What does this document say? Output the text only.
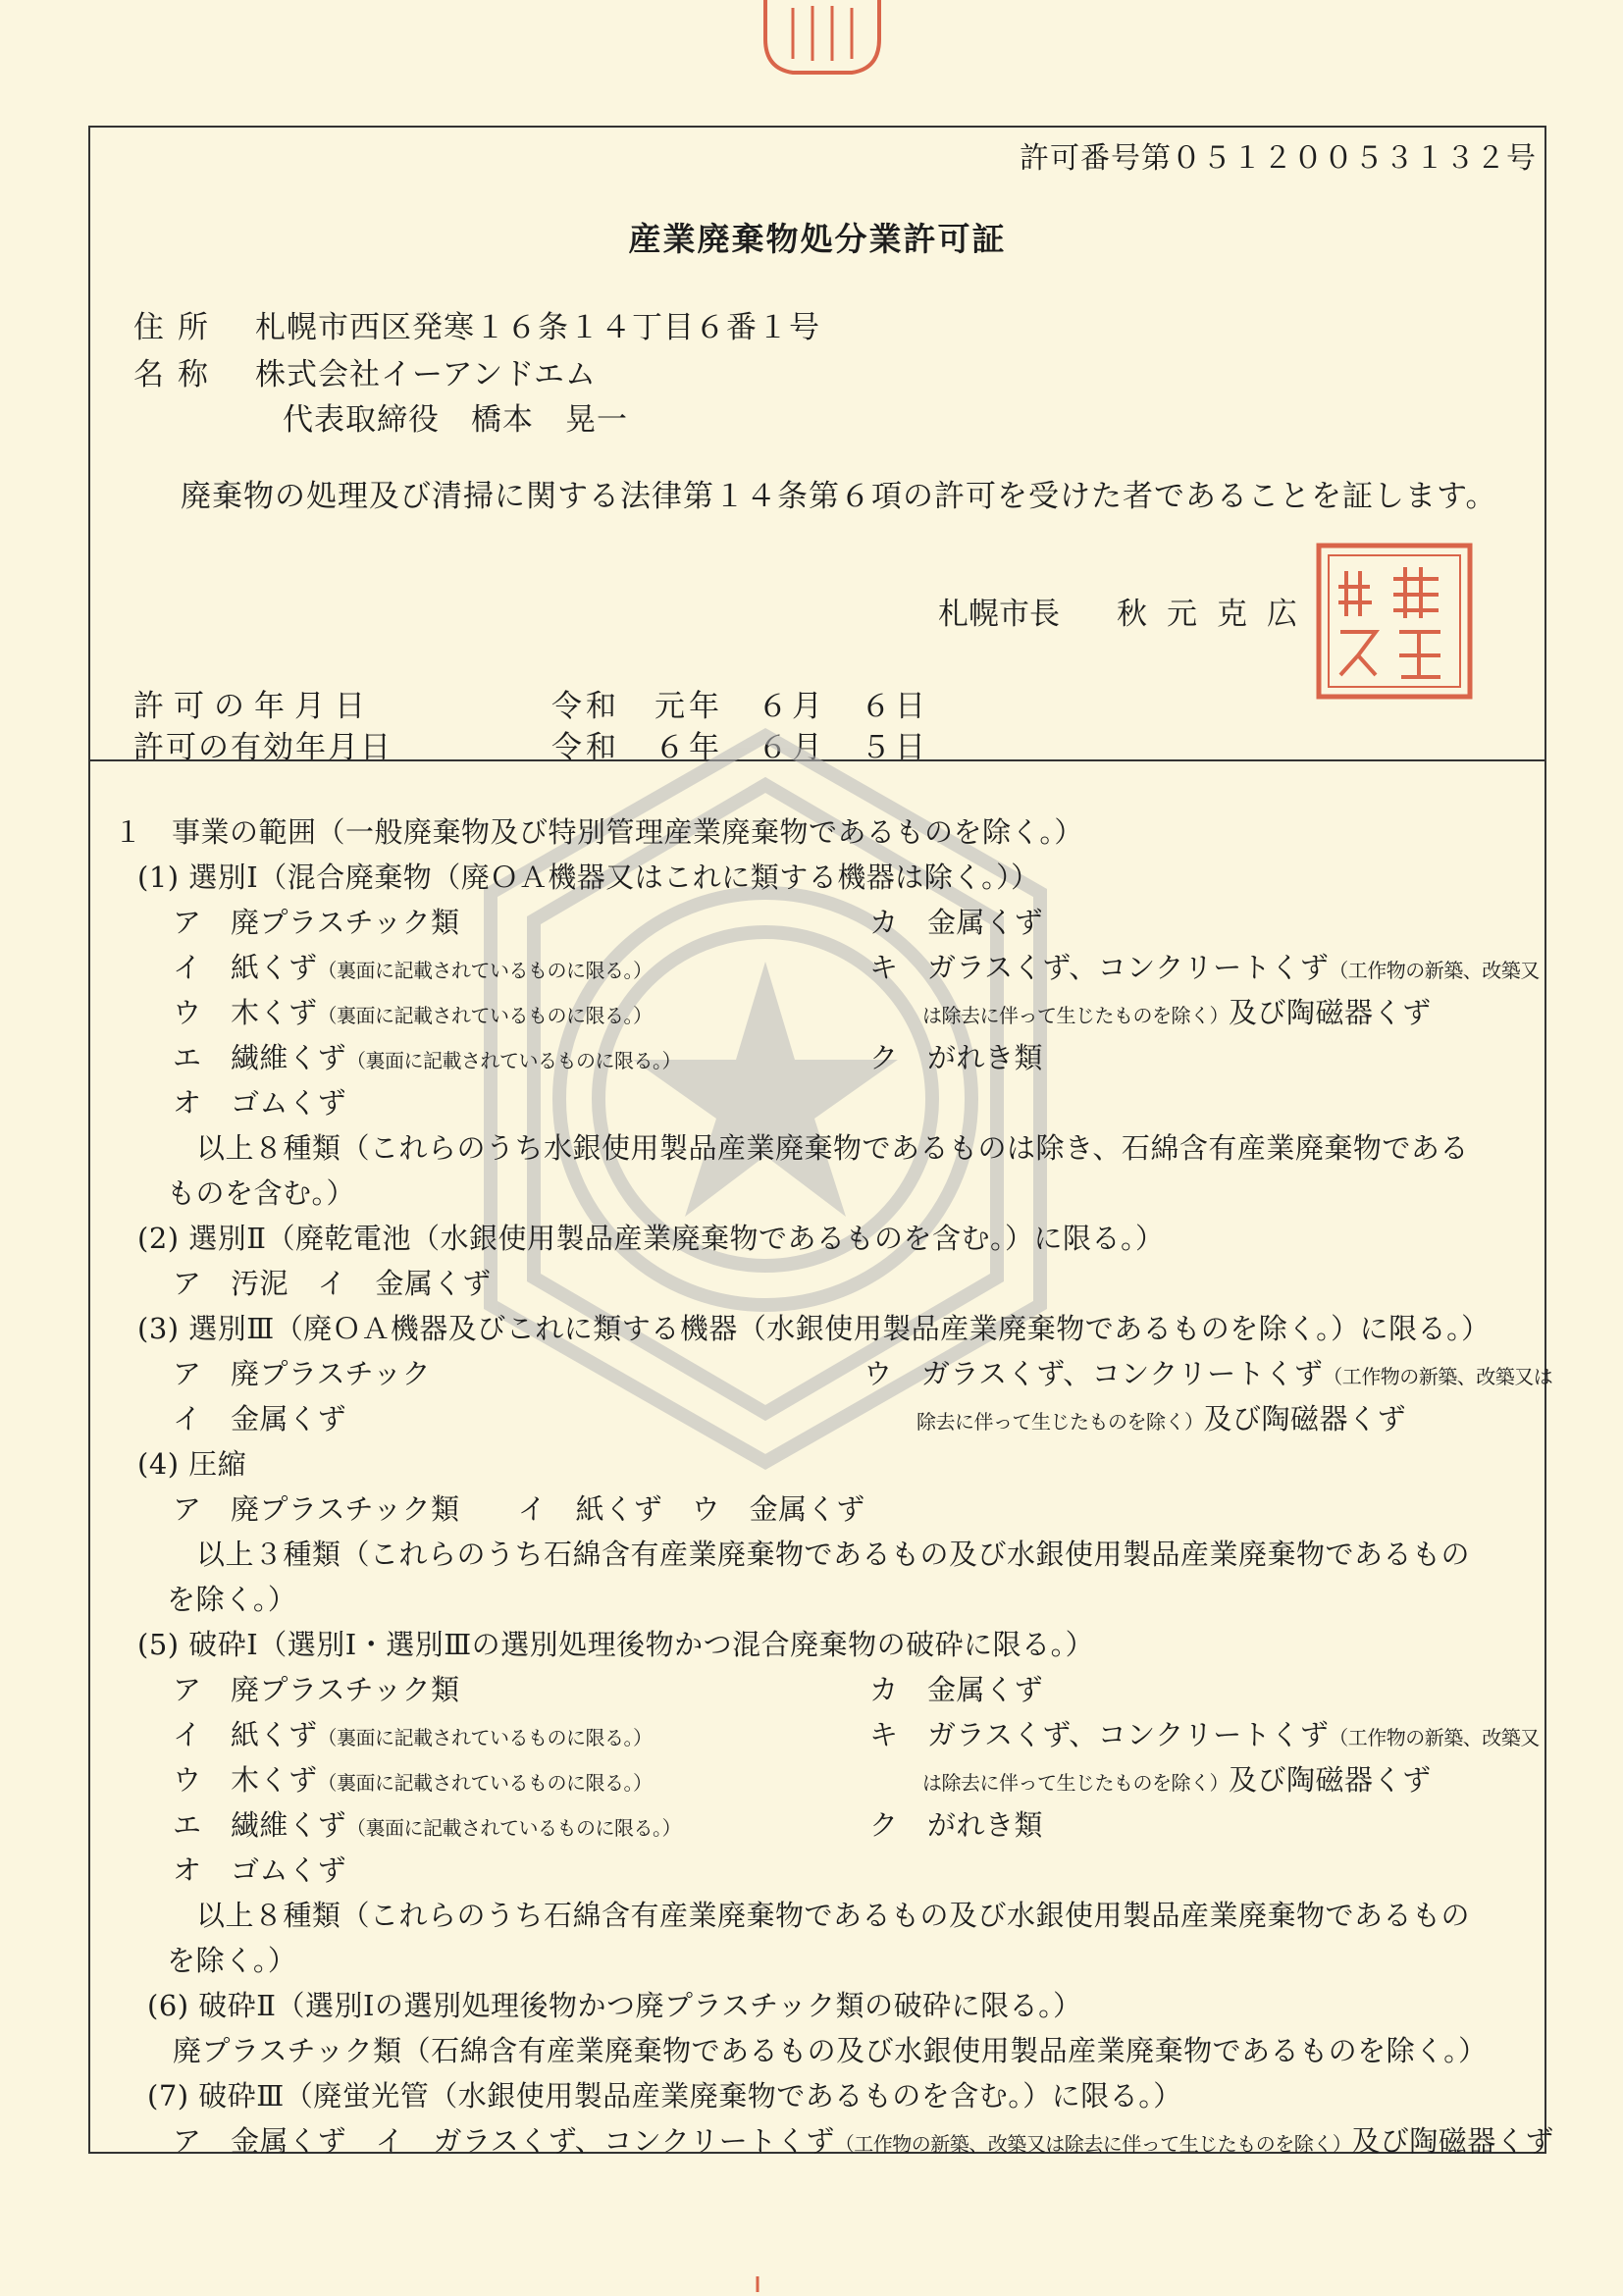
許可番号第０５１２００５３１３２号
産業廃棄物処分業許可証
住所 札幌市西区発寒１６条１４丁目６番１号
名称 株式会社イーアンドエム
代表取締役　橋本　晃一
廃棄物の処理及び清掃に関する法律第１４条第６項の許可を受けた者であることを証します。
札幌市長 秋元克広
許可の年月日	令和　元年　６月　６日
許可の有効年月日	令和　６年　６月　５日
１　事業の範囲（一般廃棄物及び特別管理産業廃棄物であるものを除く。）
(1) 選別Ⅰ（混合廃棄物（廃ＯＡ機器又はこれに類する機器は除く。））
ア　廃プラスチック類	カ　金属くず
イ　紙くず（裏面に記載されているものに限る。）	キ　ガラスくず、コンクリートくず（工作物の新築、改築又
ウ　木くず（裏面に記載されているものに限る。）	は除去に伴って生じたものを除く）及び陶磁器くず
エ　繊維くず（裏面に記載されているものに限る。）	ク　がれき類
オ　ゴムくず
以上８種類（これらのうち水銀使用製品産業廃棄物であるものは除き、石綿含有産業廃棄物である
ものを含む。）
(2) 選別Ⅱ（廃乾電池（水銀使用製品産業廃棄物であるものを含む。）に限る。）
ア　汚泥　イ　金属くず
(3) 選別Ⅲ（廃ＯＡ機器及びこれに類する機器（水銀使用製品産業廃棄物であるものを除く。）に限る。）
ア　廃プラスチック	ウ　ガラスくず、コンクリートくず（工作物の新築、改築又は
イ　金属くず	除去に伴って生じたものを除く）及び陶磁器くず
(4) 圧縮
ア　廃プラスチック類　　イ　紙くず　ウ　金属くず
以上３種類（これらのうち石綿含有産業廃棄物であるもの及び水銀使用製品産業廃棄物であるもの
を除く。）
(5) 破砕Ⅰ（選別Ⅰ・選別Ⅲの選別処理後物かつ混合廃棄物の破砕に限る。）
ア　廃プラスチック類	カ　金属くず
イ　紙くず（裏面に記載されているものに限る。）	キ　ガラスくず、コンクリートくず（工作物の新築、改築又
ウ　木くず（裏面に記載されているものに限る。）	は除去に伴って生じたものを除く）及び陶磁器くず
エ　繊維くず（裏面に記載されているものに限る。）	ク　がれき類
オ　ゴムくず
以上８種類（これらのうち石綿含有産業廃棄物であるもの及び水銀使用製品産業廃棄物であるもの
を除く。）
(6) 破砕Ⅱ（選別Ⅰの選別処理後物かつ廃プラスチック類の破砕に限る。）
廃プラスチック類（石綿含有産業廃棄物であるもの及び水銀使用製品産業廃棄物であるものを除く。）
(7) 破砕Ⅲ（廃蛍光管（水銀使用製品産業廃棄物であるものを含む。）に限る。）
ア　金属くず　イ　ガラスくず、コンクリートくず（工作物の新築、改築又は除去に伴って生じたものを除く）及び陶磁器くず
